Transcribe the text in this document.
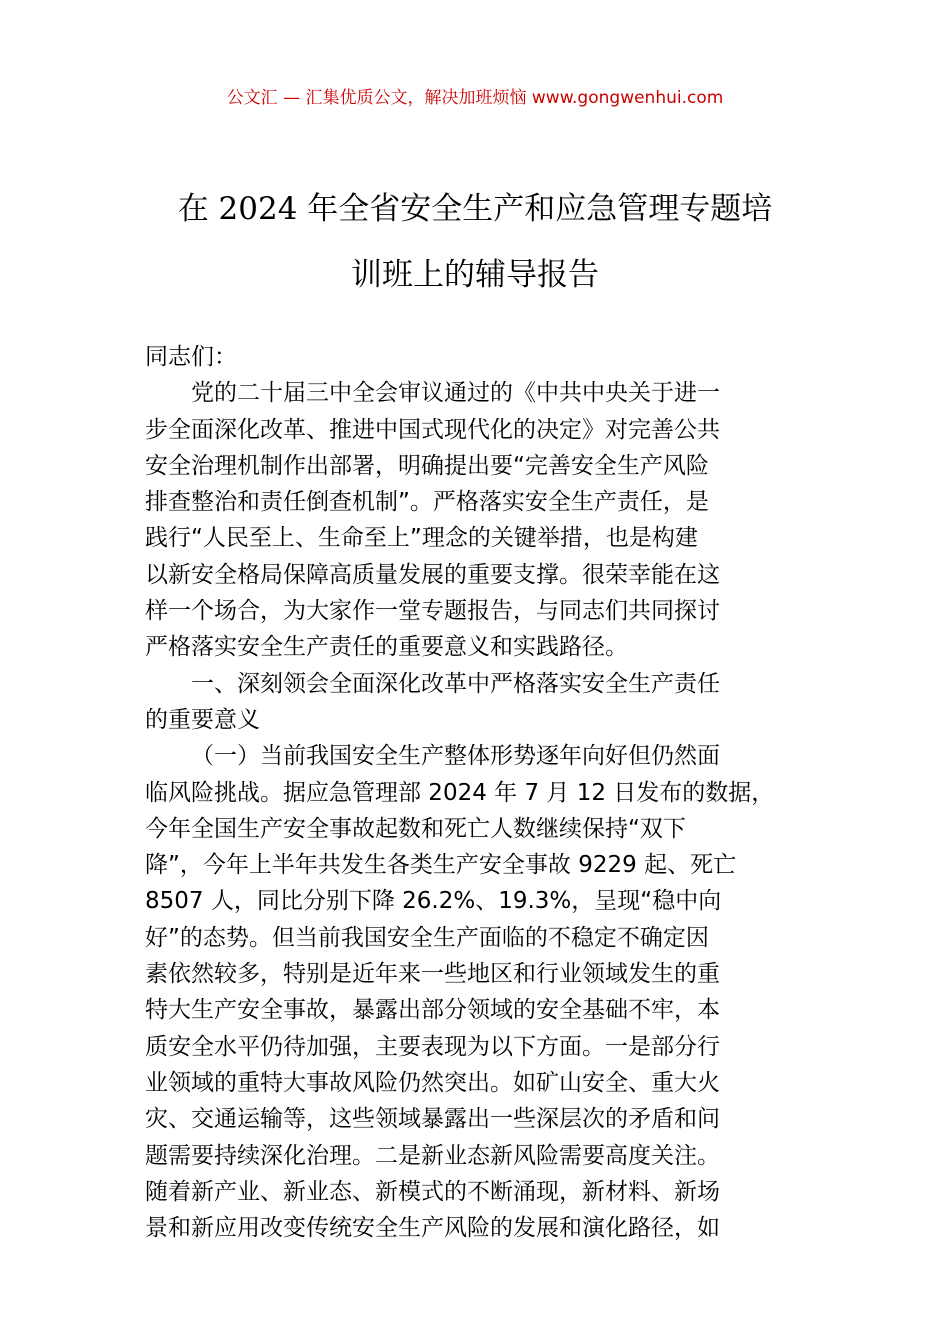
公文汇 — 汇集优质公文，解决加班烦恼 www.gongwenhui.com
在 2024 年全省安全生产和应急管理专题培
训班上的辅导报告
同志们：
党的二十届三中全会审议通过的《中共中央关于进一
步全面深化改革、推进中国式现代化的决定》对完善公共
安全治理机制作出部署，明确提出要“完善安全生产风险
排查整治和责任倒查机制”。严格落实安全生产责任，是
践行“人民至上、生命至上”理念的关键举措，也是构建
以新安全格局保障高质量发展的重要支撑。很荣幸能在这
样一个场合，为大家作一堂专题报告，与同志们共同探讨
严格落实安全生产责任的重要意义和实践路径。
一、深刻领会全面深化改革中严格落实安全生产责任
的重要意义
（一）当前我国安全生产整体形势逐年向好但仍然面
临风险挑战。据应急管理部 2024 年 7 月 12 日发布的数据，
今年全国生产安全事故起数和死亡人数继续保持“双下
降”，今年上半年共发生各类生产安全事故 9229 起、死亡
8507 人，同比分别下降 26.2%、19.3%，呈现“稳中向
好”的态势。但当前我国安全生产面临的不稳定不确定因
素依然较多，特别是近年来一些地区和行业领域发生的重
特大生产安全事故，暴露出部分领域的安全基础不牢，本
质安全水平仍待加强，主要表现为以下方面。一是部分行
业领域的重特大事故风险仍然突出。如矿山安全、重大火
灾、交通运输等，这些领域暴露出一些深层次的矛盾和问
题需要持续深化治理。二是新业态新风险需要高度关注。
随着新产业、新业态、新模式的不断涌现，新材料、新场
景和新应用改变传统安全生产风险的发展和演化路径，如
